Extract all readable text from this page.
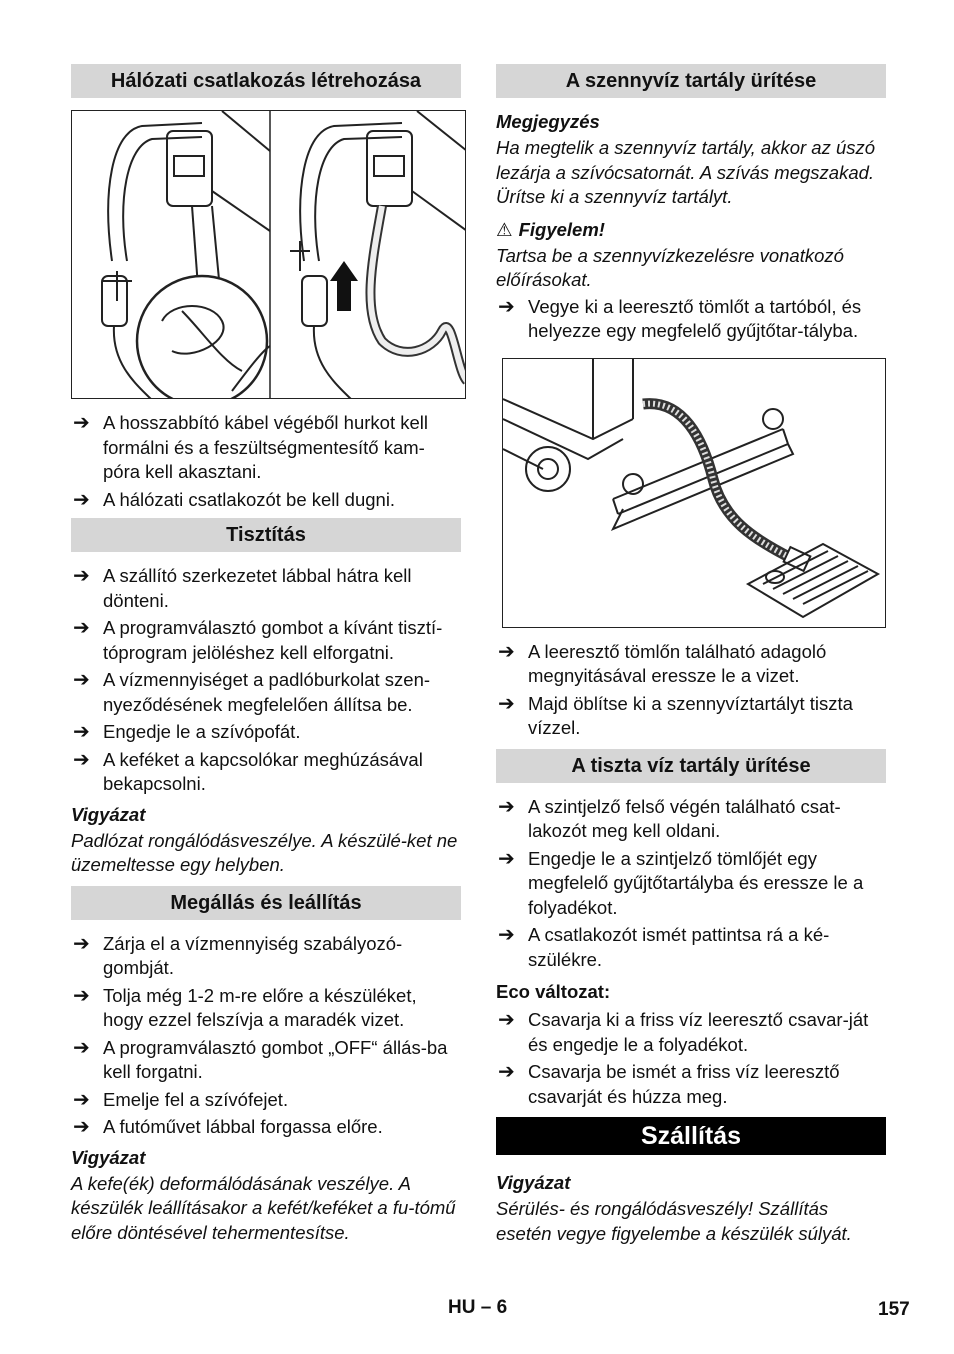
Hálózati csatlakozás létrehozása
➔ A hosszabbító kábel végéből hurkot kell formálni és a feszültségmentesítő kam-póra kell akasztani.
➔ A hálózati csatlakozót be kell dugni.
Tisztítás
➔ A szállító szerkezetet lábbal hátra kell dönteni.
➔ A programválasztó gombot a kívánt tisztí-tóprogram jelöléshez kell elforgatni.
➔ A vízmennyiséget a padlóburkolat szen-nyeződésének megfelelően állítsa be.
➔ Engedje le a szívópofát.
➔ A keféket a kapcsolókar meghúzásával bekapcsolni.
Vigyázat
Padlózat rongálódásveszélye. A készülé-ket ne üzemeltesse egy helyben.
Megállás és leállítás
➔ Zárja el a vízmennyiség szabályozó-gombját.
➔ Tolja még 1-2 m-re előre a készüléket, hogy ezzel felszívja a maradék vizet.
➔ A programválasztó gombot „OFF“ állás-ba kell forgatni.
➔ Emelje fel a szívófejet.
➔ A futóművet lábbal forgassa előre.
Vigyázat
A kefe(ék) deformálódásának veszélye. A készülék leállításakor a kefét/keféket a fu-tómű előre döntésével tehermentesítse.
A szennyvíz tartály ürítése
Megjegyzés
Ha megtelik a szennyvíz tartály, akkor az úszó lezárja a szívócsatornát. A szívás megszakad. Ürítse ki a szennyvíz tartályt.
⚠ Figyelem!
Tartsa be a szennyvízkezelésre vonatkozó előírásokat.
➔ Vegye ki a leeresztő tömlőt a tartóból, és helyezze egy megfelelő gyűjtőtar-tályba.
➔ A leeresztő tömlőn található adagoló megnyitásával eressze le a vizet.
➔ Majd öblítse ki a szennyvíztartályt tiszta vízzel.
A tiszta víz tartály ürítése
➔ A szintjelző felső végén található csat-lakozót meg kell oldani.
➔ Engedje le a szintjelző tömlőjét egy megfelelő gyűjtőtartályba és eressze le a folyadékot.
➔ A csatlakozót ismét pattintsa rá a ké-szülékre.
Eco változat:
➔ Csavarja ki a friss víz leeresztő csavar-ját és engedje le a folyadékot.
➔ Csavarja be ismét a friss víz leeresztő csavarját és húzza meg.
Szállítás
Vigyázat
Sérülés- és rongálódásveszély! Szállítás esetén vegye figyelembe a készülék súlyát.
HU – 6	157
